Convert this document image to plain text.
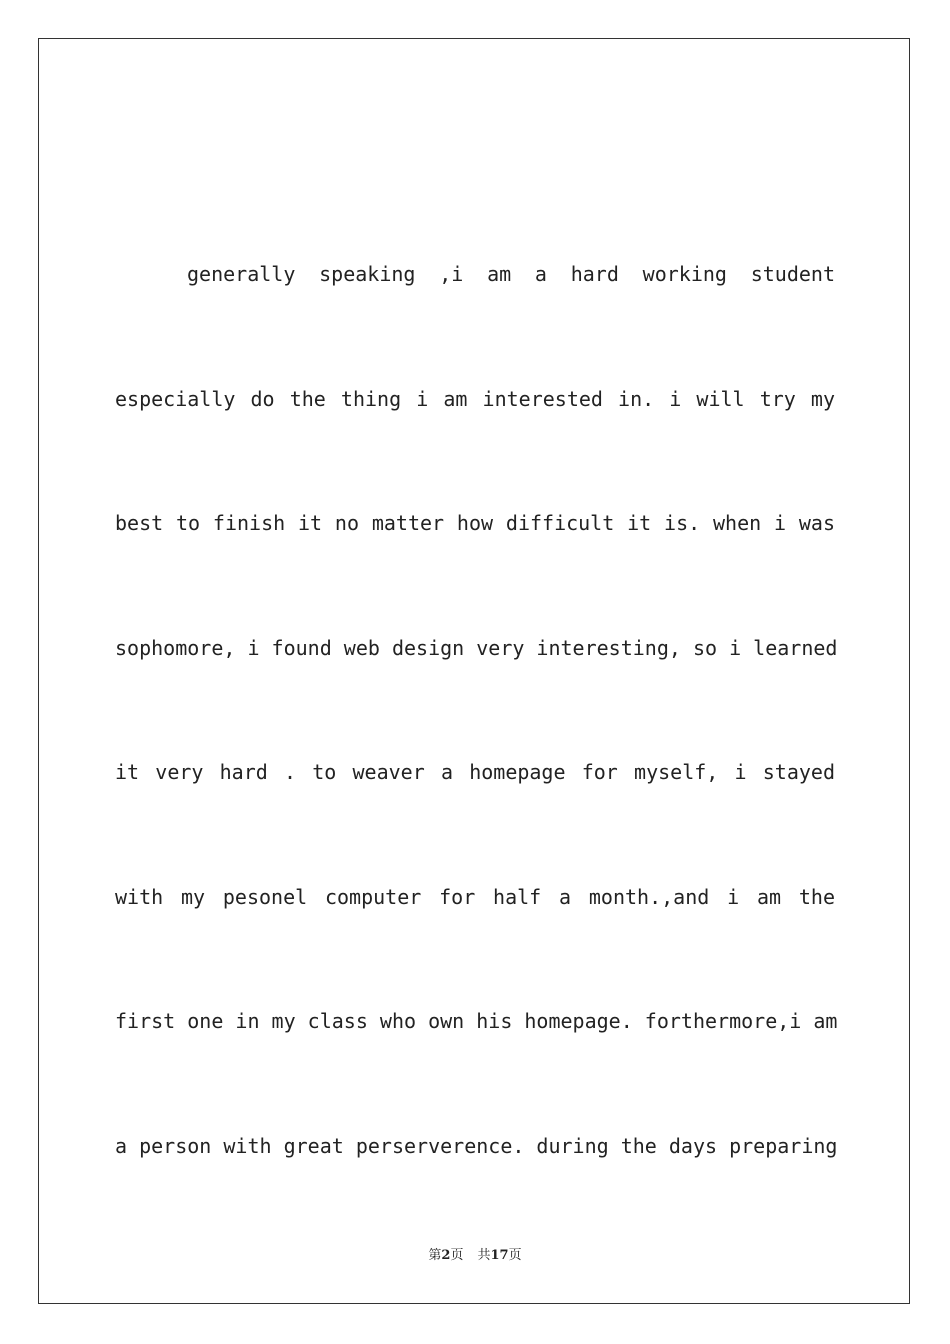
generally speaking ,i am a hard working student
especially do the thing i am interested in. i will try my
best to finish it no matter how difficult it is. when i was
sophomore, i found web design very interesting, so i learned
it very hard . to weaver a homepage for myself, i stayed
with my pesonel computer for half a month.,and i am the
first one in my class who own his homepage. forthermore,i am
a person with great perserverence. during the days preparing
第2页 共17页
